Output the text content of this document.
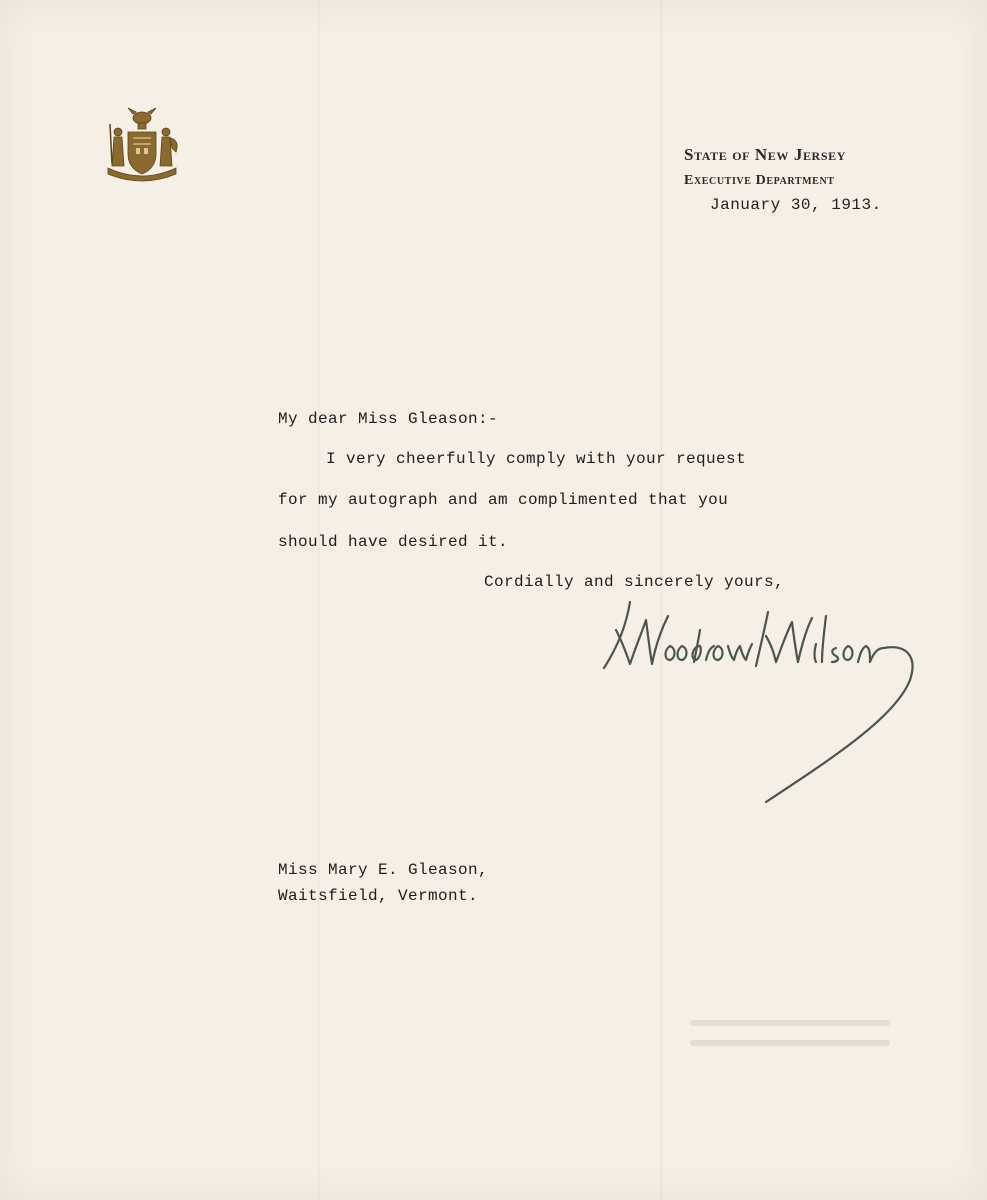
State of New Jersey
Executive Department
January 30, 1913.
My dear Miss Gleason:-
I very cheerfully comply with your request
for my autograph and am complimented that you
should have desired it.
Cordially and sincerely yours,
Miss Mary E. Gleason,
Waitsfield, Vermont.
